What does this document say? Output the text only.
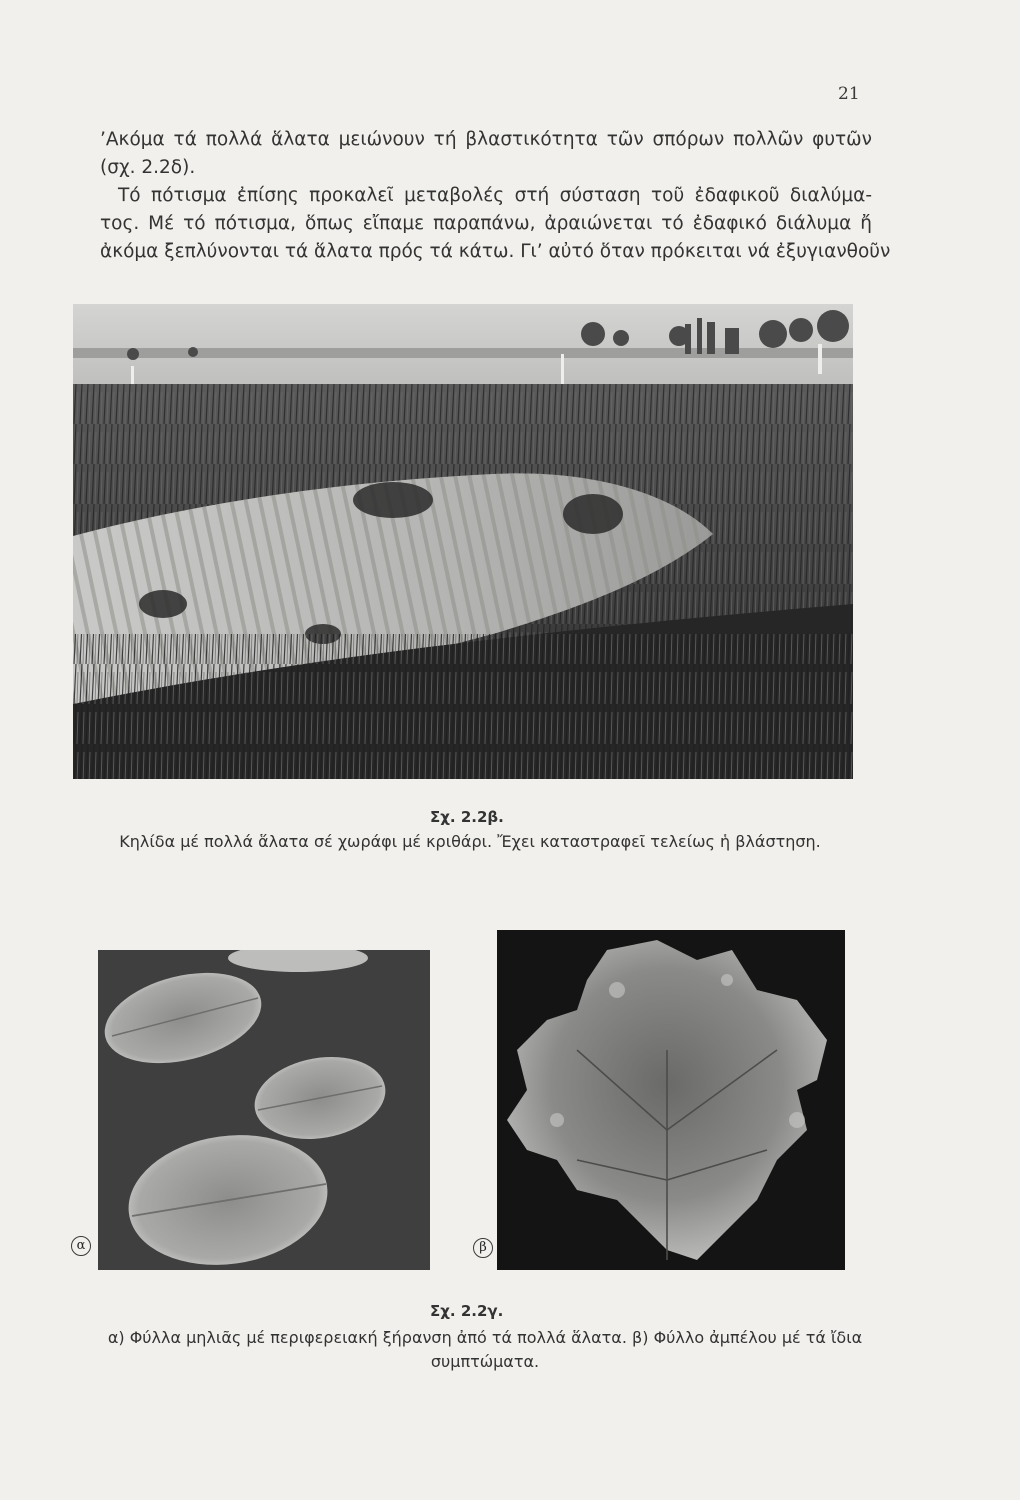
21
’Ακόμα τά πολλά ἅλατα μειώνουν τή βλαστικότητα τῶν σπόρων πολλῶν φυτῶν
(σχ. 2.2δ).
Τό πότισμα ἐπίσης προκαλεῖ μεταβολές στή σύσταση τοῦ ἐδαφικοῦ διαλύμα-
τος. Μέ τό πότισμα, ὅπως εἴπαμε παραπάνω, ἀραιώνεται τό ἐδαφικό διάλυμα ἤ
ἀκόμα ξεπλύνονται τά ἅλατα πρός τά κάτω. Γι’ αὐτό ὅταν πρόκειται νά ἐξυγιανθοῦν
Σχ. 2.2β.
Κηλίδα μέ πολλά ἅλατα σέ χωράφι μέ κριθάρι. Ἔχει καταστραφεῖ τελείως ἡ βλάστηση.
α	β
Σχ. 2.2γ.
α) Φύλλα μηλιᾶς μέ περιφερειακή ξήρανση ἀπό τά πολλά ἅλατα. β) Φύλλο ἀμπέλου μέ τά ἴδια
συμπτώματα.
